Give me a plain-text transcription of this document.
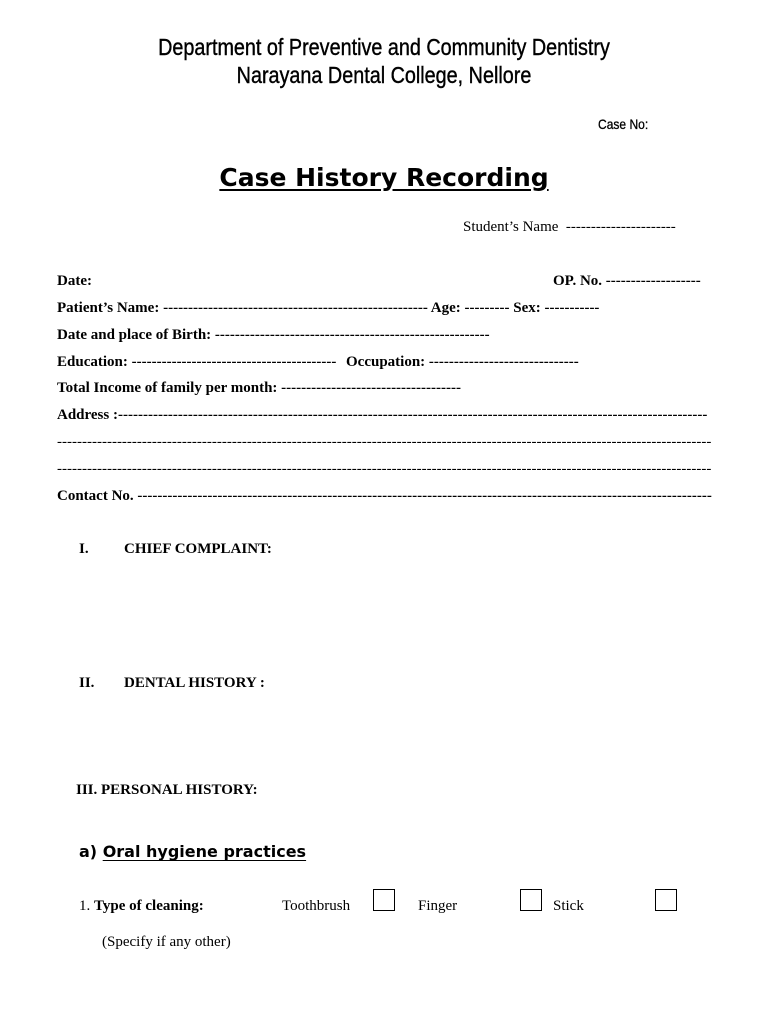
Department of Preventive and Community Dentistry
Narayana Dental College, Nellore
Case No:
Case History Recording
Student’s Name ----------------------
Date:	OP. No. -------------------
Patient’s Name: ----------------------------------------------------- Age: --------- Sex: -----------
Date and place of Birth: -------------------------------------------------------
Education: ----------------------------------------- Occupation: ------------------------------
Total Income of family per month: ------------------------------------
Address :----------------------------------------------------------------------------------------------------------------------
-----------------------------------------------------------------------------------------------------------------------------------
-----------------------------------------------------------------------------------------------------------------------------------
Contact No. -------------------------------------------------------------------------------------------------------------------
I. CHIEF COMPLAINT:
II. DENTAL HISTORY :
III. PERSONAL HISTORY:
a) Oral hygiene practices
1. Type of cleaning:	Toothbrush	Finger	Stick
(Specify if any other)
